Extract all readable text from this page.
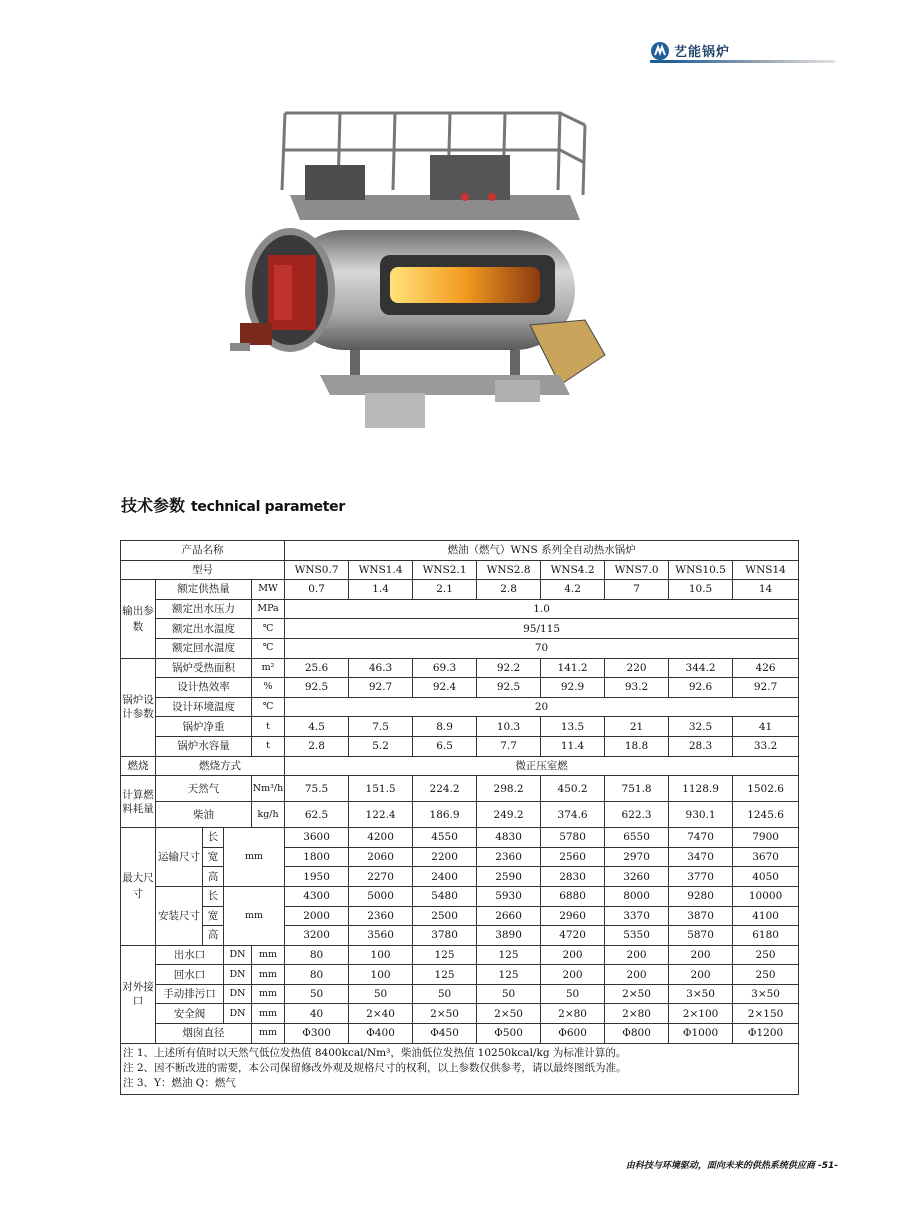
艺能锅炉
技术参数 technical parameter
产品名称					燃油（燃气）WNS 系列全自动热水锅炉							
型号					WNS0.7	WNS1.4	WNS2.1	WNS2.8	WNS4.2	WNS7.0	WNS10.5	WNS14
输出参数	额定供热量			MW	0.7	1.4	2.1	2.8	4.2	7	10.5	14
	额定出水压力			MPa	1.0							
	额定出水温度			℃	95/115							
	额定回水温度			℃	70							
锅炉设计参数	锅炉受热面积			m²	25.6	46.3	69.3	92.2	141.2	220	344.2	426
	设计热效率			%	92.5	92.7	92.4	92.5	92.9	93.2	92.6	92.7
	设计环境温度			℃	20							
	锅炉净重			t	4.5	7.5	8.9	10.3	13.5	21	32.5	41
	锅炉水容量			t	2.8	5.2	6.5	7.7	11.4	18.8	28.3	33.2
燃烧	燃烧方式				微正压室燃							
计算燃料耗量	天然气			Nm³/h	75.5	151.5	224.2	298.2	450.2	751.8	1128.9	1502.6
	柴油			kg/h	62.5	122.4	186.9	249.2	374.6	622.3	930.1	1245.6
最大尺寸	运输尺寸	长	mm		3600	4200	4550	4830	5780	6550	7470	7900
		宽			1800	2060	2200	2360	2560	2970	3470	3670
		高			1950	2270	2400	2590	2830	3260	3770	4050
	安装尺寸	长	mm		4300	5000	5480	5930	6880	8000	9280	10000
		宽			2000	2360	2500	2660	2960	3370	3870	4100
		高			3200	3560	3780	3890	4720	5350	5870	6180
对外接口	出水口		DN	mm	80	100	125	125	200	200	200	250
	回水口		DN	mm	80	100	125	125	200	200	200	250
	手动排污口		DN	mm	50	50	50	50	50	2×50	3×50	3×50
	安全阀		DN	mm	40	2×40	2×50	2×50	2×80	2×80	2×100	2×150
	烟囱直径			mm	Φ300	Φ400	Φ450	Φ500	Φ600	Φ800	Φ1000	Φ1200

注 1、上述所有值时以天然气低位发热值 8400kcal/Nm³，柴油低位发热值 10250kcal/kg 为标准计算的。
注 2、因不断改进的需要，本公司保留修改外观及规格尺寸的权利，以上参数仅供参考，请以最终图纸为准。
注 3、Y：燃油 Q：燃气												
由科技与环境驱动，面向未来的供热系统供应商 -51-
